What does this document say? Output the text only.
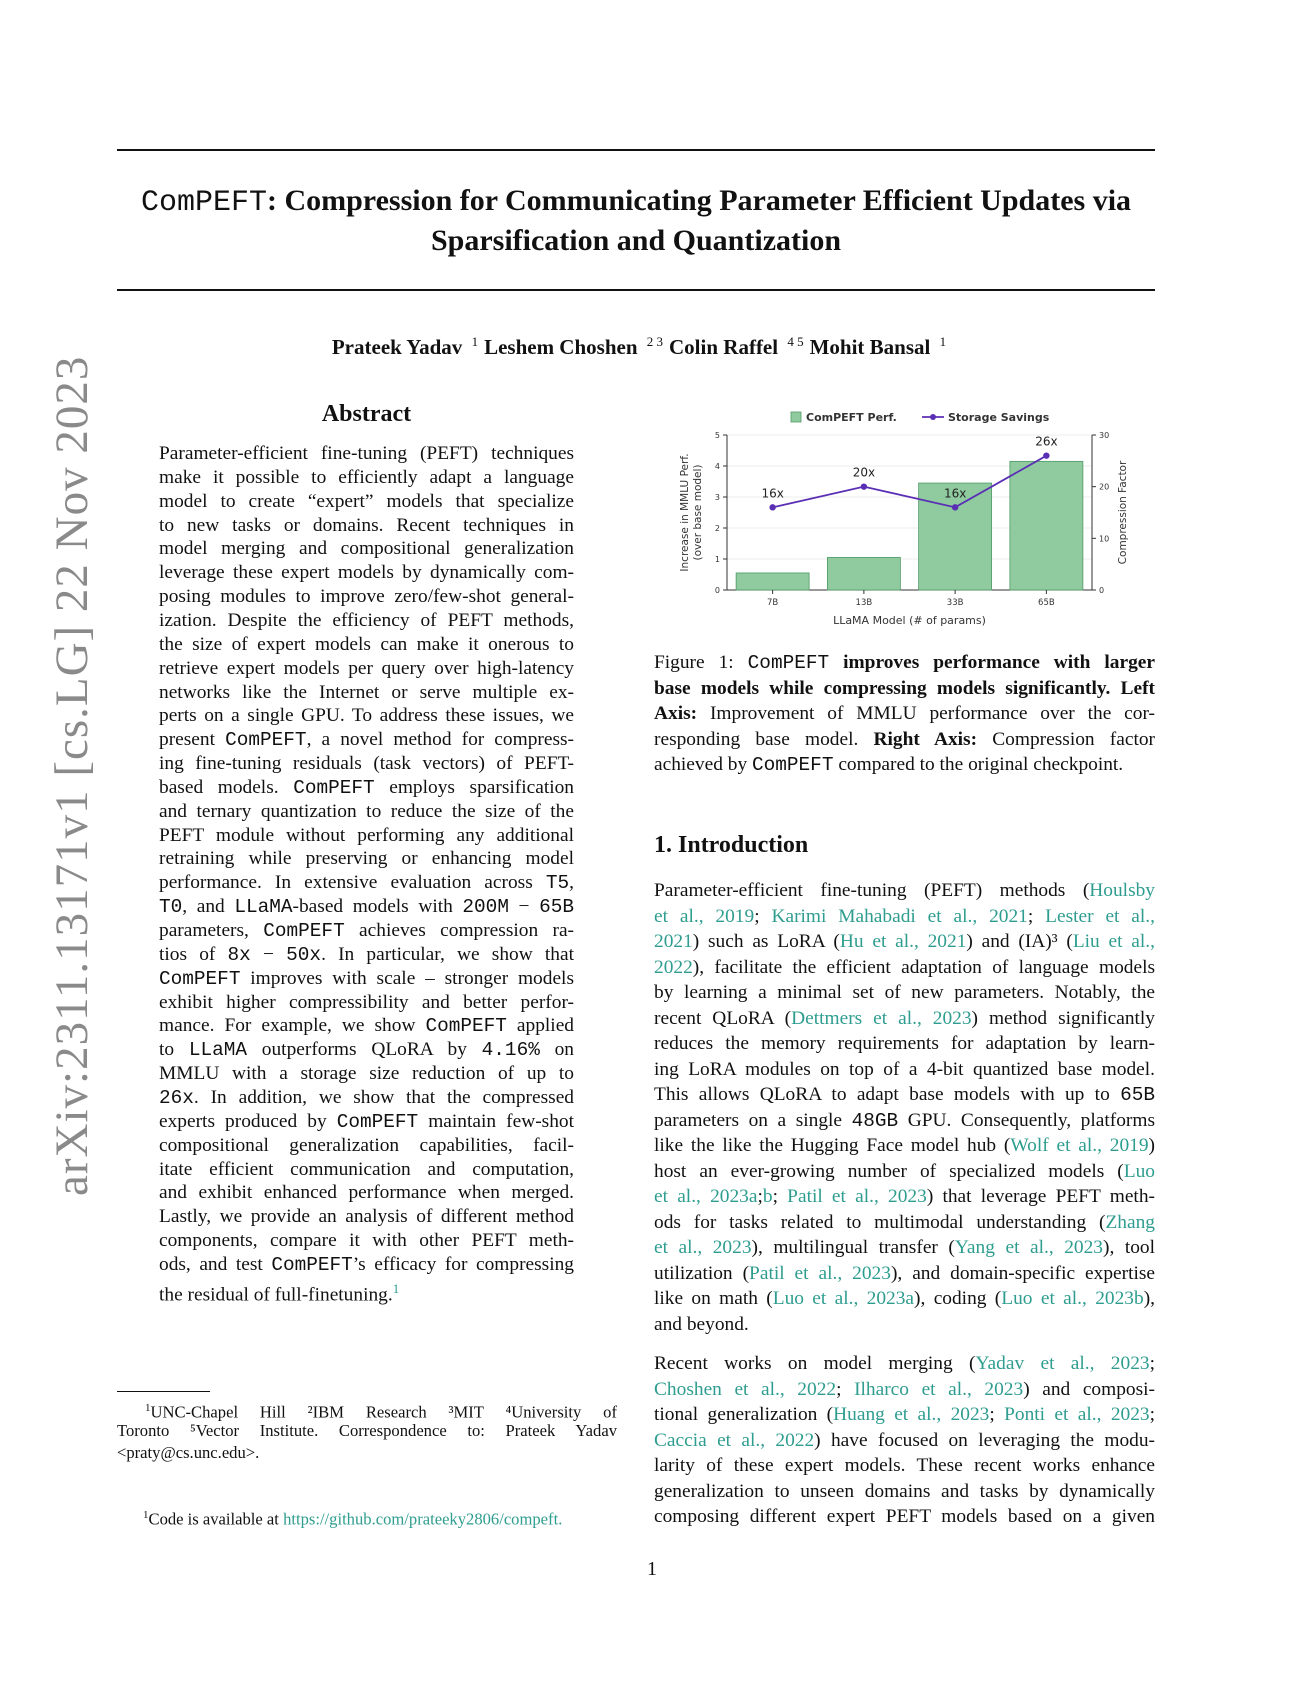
ComPEFT: Compression for Communicating Parameter Efficient Updates via
Sparsification and Quantization
Prateek Yadav $^1$ Leshem Choshen $^{2 3}$ Colin Raffel $^{4 5}$ Mohit Bansal $^1$
arXiv:2311.13171v1 [cs.LG] 22 Nov 2023	Abstract
Parameter-efficient fine-tuning (PEFT) techniques
make it possible to efficiently adapt a language
model to create “expert” models that specialize
to new tasks or domains. Recent techniques in
model merging and compositional generalization
leverage these expert models by dynamically com-
posing modules to improve zero/few-shot general-
ization. Despite the efficiency of PEFT methods,
the size of expert models can make it onerous to
retrieve expert models per query over high-latency
networks like the Internet or serve multiple ex-
perts on a single GPU. To address these issues, we
present ComPEFT, a novel method for compress-
ing fine-tuning residuals (task vectors) of PEFT-
based models. ComPEFT employs sparsification
and ternary quantization to reduce the size of the
PEFT module without performing any additional
retraining while preserving or enhancing model
performance. In extensive evaluation across T5,
T0, and LLaMA-based models with 200M − 65B
parameters, ComPEFT achieves compression ra-
tios of 8x − 50x. In particular, we show that
ComPEFT improves with scale – stronger models
exhibit higher compressibility and better perfor-
mance. For example, we show ComPEFT applied
to LLaMA outperforms QLoRA by 4.16% on
MMLU with a storage size reduction of up to
26x. In addition, we show that the compressed
experts produced by ComPEFT maintain few-shot
compositional generalization capabilities, facil-
itate efficient communication and computation,
and exhibit enhanced performance when merged.
Lastly, we provide an analysis of different method
components, compare it with other PEFT meth-
ods, and test ComPEFT’s efficacy for compressing
the residual of full-finetuning.$^1$
$^1$UNC-Chapel Hill ²IBM Research ³MIT ⁴University of
Toronto ⁵Vector Institute. Correspondence to: Prateek Yadav
<praty@cs.unc.edu>.
$^1$Code is available at https://github.com/prateeky2806/compeft.
0
1
2
3
4
5
0
10
20
30
7B	13B	33B	65B
16x
20x
16x
26x
LLaMA Model (# of params)
Increase in MMLU Perf. (over base model)	Compression Factor
ComPEFT Perf.	Storage Savings
Figure 1: ComPEFT improves performance with larger
base models while compressing models significantly. Left
Axis: Improvement of MMLU performance over the cor-
responding base model. Right Axis: Compression factor
achieved by ComPEFT compared to the original checkpoint.
1. Introduction
Parameter-efficient fine-tuning (PEFT) methods (Houlsby
et al., 2019; Karimi Mahabadi et al., 2021; Lester et al.,
2021) such as LoRA (Hu et al., 2021) and (IA)³ (Liu et al.,
2022), facilitate the efficient adaptation of language models
by learning a minimal set of new parameters. Notably, the
recent QLoRA (Dettmers et al., 2023) method significantly
reduces the memory requirements for adaptation by learn-
ing LoRA modules on top of a 4-bit quantized base model.
This allows QLoRA to adapt base models with up to 65B
parameters on a single 48GB GPU. Consequently, platforms
like the like the Hugging Face model hub (Wolf et al., 2019)
host an ever-growing number of specialized models (Luo
et al., 2023a;b; Patil et al., 2023) that leverage PEFT meth-
ods for tasks related to multimodal understanding (Zhang
et al., 2023), multilingual transfer (Yang et al., 2023), tool
utilization (Patil et al., 2023), and domain-specific expertise
like on math (Luo et al., 2023a), coding (Luo et al., 2023b),
and beyond.
Recent works on model merging (Yadav et al., 2023;
Choshen et al., 2022; Ilharco et al., 2023) and composi-
tional generalization (Huang et al., 2023; Ponti et al., 2023;
Caccia et al., 2022) have focused on leveraging the modu-
larity of these expert models. These recent works enhance
generalization to unseen domains and tasks by dynamically
composing different expert PEFT models based on a given
1
